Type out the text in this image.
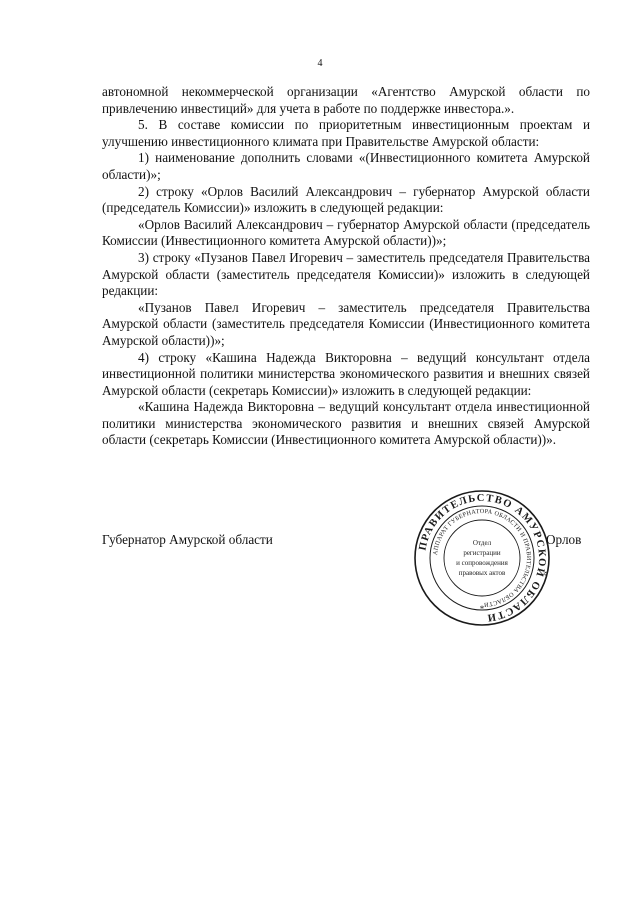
4

автономной некоммерческой организации «Агентство Амурской области по привлечению инвестиций» для учета в работе по поддержке инвестора.».

5. В составе комиссии по приоритетным инвестиционным проектам и улучшению инвестиционного климата при Правительстве Амурской области:

1) наименование дополнить словами «(Инвестиционного комитета Амурской области)»;

2) строку «Орлов Василий Александрович – губернатор Амурской области (председатель Комиссии)» изложить в следующей редакции:

«Орлов Василий Александрович – губернатор Амурской области (председатель Комиссии (Инвестиционного комитета Амурской области))»;

3) строку «Пузанов Павел Игоревич – заместитель председателя Правительства Амурской области (заместитель председателя Комиссии)» изложить в следующей редакции:

«Пузанов Павел Игоревич – заместитель председателя Правительства Амурской области (заместитель председателя Комиссии (Инвестиционного комитета Амурской области))»;

4) строку «Кашина Надежда Викторовна – ведущий консультант отдела инвестиционной политики министерства экономического развития и внешних связей Амурской области (секретарь Комиссии)» изложить в следующей редакции:

«Кашина Надежда Викторовна – ведущий консультант отдела инвестиционной политики министерства экономического развития и внешних связей Амурской области (секретарь Комиссии (Инвестиционного комитета Амурской области))».

Губернатор Амурской области	ПРАВИТЕЛЬСТВО АМУРСКОЙ ОБЛАСТИ
АППАРАТ ГУБЕРНАТОРА ОБЛАСТИ И ПРАВИТЕЛЬСТВА ОБЛАСТИ
Отдел
регистрации
и сопровождения
правовых актов
*
Орлов
